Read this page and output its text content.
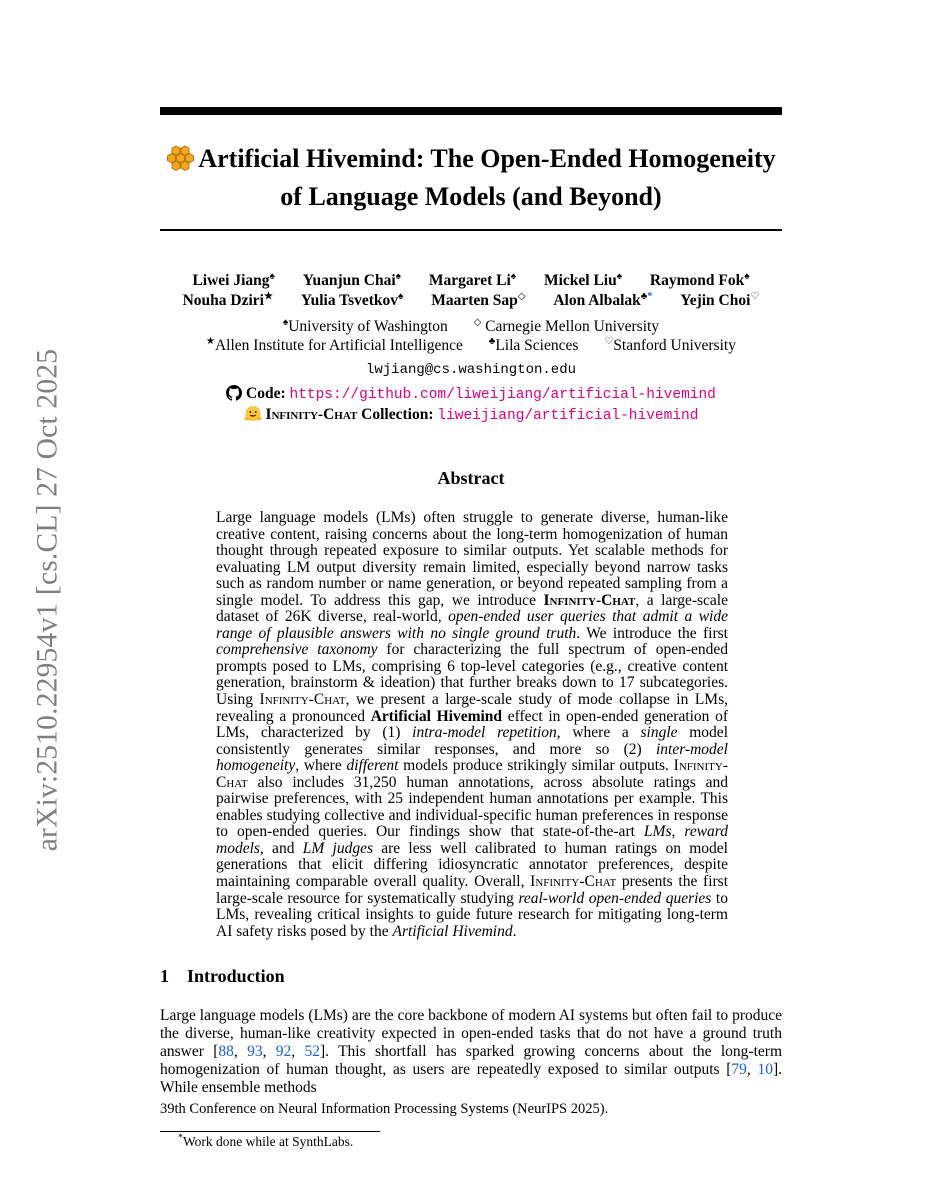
arXiv:2510.22954v1 [cs.CL] 27 Oct 2025
Artificial Hivemind: The Open-Ended Homogeneity
of Language Models (and Beyond)
Liwei Jiang♠ Yuanjun Chai♠ Margaret Li♠ Mickel Liu♠ Raymond Fok♠
Nouha Dziri★ Yulia Tsvetkov♠ Maarten Sap◇ Alon Albalak♣* Yejin Choi♡
♠University of Washington	◇ Carnegie Mellon University
★Allen Institute for Artificial Intelligence	♣Lila Sciences	♡Stanford University
lwjiang@cs.washington.edu
Code: https://github.com/liweijiang/artificial-hivemind
Infinity-Chat Collection: liweijiang/artificial-hivemind
Abstract
Large language models (LMs) often struggle to generate diverse, human-like creative content, raising concerns about the long-term homogenization of human thought through repeated exposure to similar outputs. Yet scalable methods for evaluating LM output diversity remain limited, especially beyond narrow tasks such as random number or name generation, or beyond repeated sampling from a single model. To address this gap, we introduce Infinity-Chat, a large-scale dataset of 26K diverse, real-world, open-ended user queries that admit a wide range of plausible answers with no single ground truth. We introduce the first comprehensive taxonomy for characterizing the full spectrum of open-ended prompts posed to LMs, comprising 6 top-level categories (e.g., creative content generation, brainstorm & ideation) that further breaks down to 17 subcategories. Using Infinity-Chat, we present a large-scale study of mode collapse in LMs, revealing a pronounced Artificial Hivemind effect in open-ended generation of LMs, characterized by (1) intra-model repetition, where a single model consistently generates similar responses, and more so (2) inter-model homogeneity, where different models produce strikingly similar outputs. Infinity-Chat also includes 31,250 human annotations, across absolute ratings and pairwise preferences, with 25 independent human annotations per example. This enables studying collective and individual-specific human preferences in response to open-ended queries. Our findings show that state-of-the-art LMs, reward models, and LM judges are less well calibrated to human ratings on model generations that elicit differing idiosyncratic annotator preferences, despite maintaining comparable overall quality. Overall, Infinity-Chat presents the first large-scale resource for systematically studying real-world open-ended queries to LMs, revealing critical insights to guide future research for mitigating long-term AI safety risks posed by the Artificial Hivemind.
1 Introduction
Large language models (LMs) are the core backbone of modern AI systems but often fail to produce the diverse, human-like creativity expected in open-ended tasks that do not have a ground truth answer [88, 93, 92, 52]. This shortfall has sparked growing concerns about the long-term homogenization of human thought, as users are repeatedly exposed to similar outputs [79, 10]. While ensemble methods
39th Conference on Neural Information Processing Systems (NeurIPS 2025).
*Work done while at SynthLabs.
